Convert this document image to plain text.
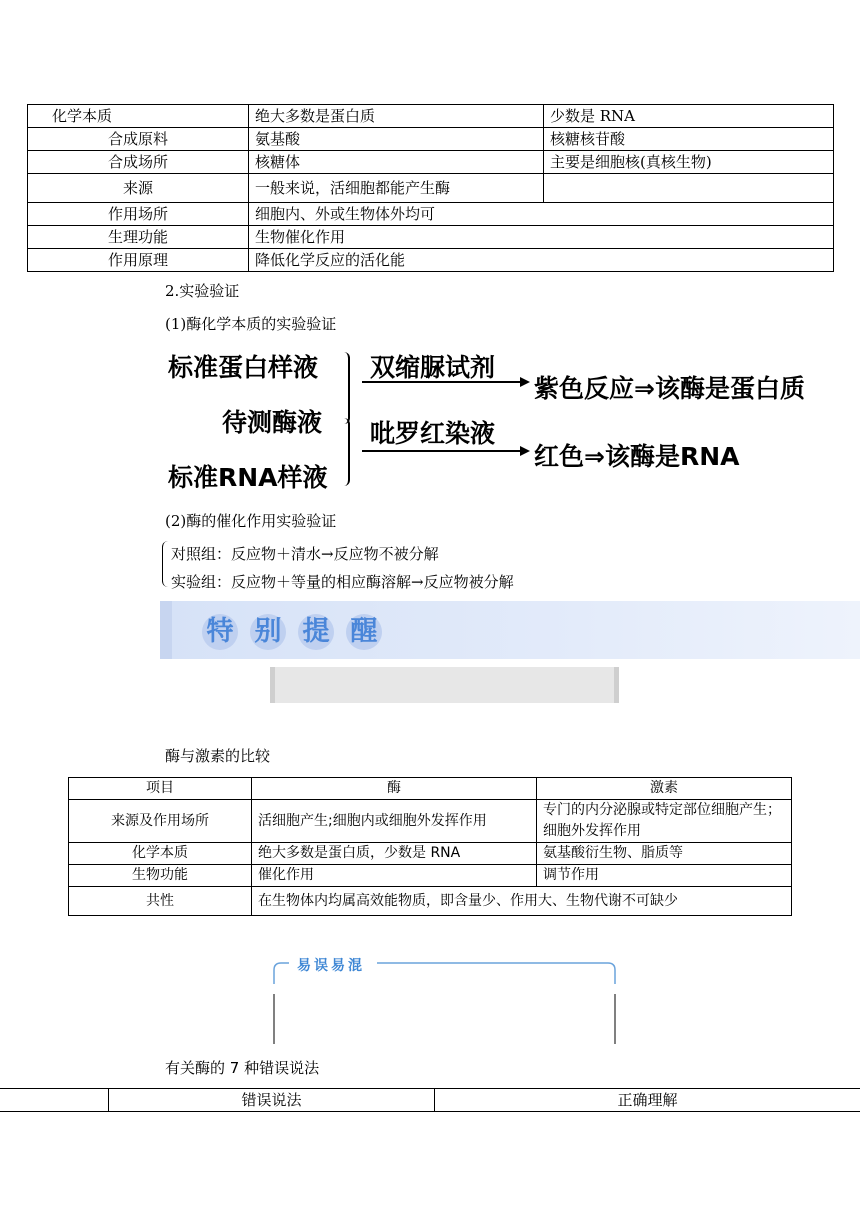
化学本质	绝大多数是蛋白质	少数是 RNA
合成原料	氨基酸	核糖核苷酸
合成场所	核糖体	主要是细胞核(真核生物)
来源	一般来说，活细胞都能产生酶	
作用场所	细胞内、外或生物体外均可	
生理功能	生物催化作用	
作用原理	降低化学反应的活化能	
2.实验验证
(1)酶化学本质的实验验证
标准蛋白样液
待测酶液
标准RNA样液
双缩脲试剂
吡罗红染液
紫色反应⇒该酶是蛋白质
红色⇒该酶是RNA
(2)酶的催化作用实验验证
对照组：反应物＋清水→反应物不被分解
实验组：反应物＋等量的相应酶溶解→反应物被分解
特 别 提 醒
酶与激素的比较
项目	酶	激素
来源及作用场所	活细胞产生;细胞内或细胞外发挥作用	专门的内分泌腺或特定部位细胞产生；细胞外发挥作用
化学本质	绝大多数是蛋白质，少数是 RNA	氨基酸衍生物、脂质等
生物功能	催化作用	调节作用
共性	在生物体内均属高效能物质，即含量少、作用大、生物代谢不可缺少	
易误易混
有关酶的 7 种错误说法
	错误说法	正确理解
